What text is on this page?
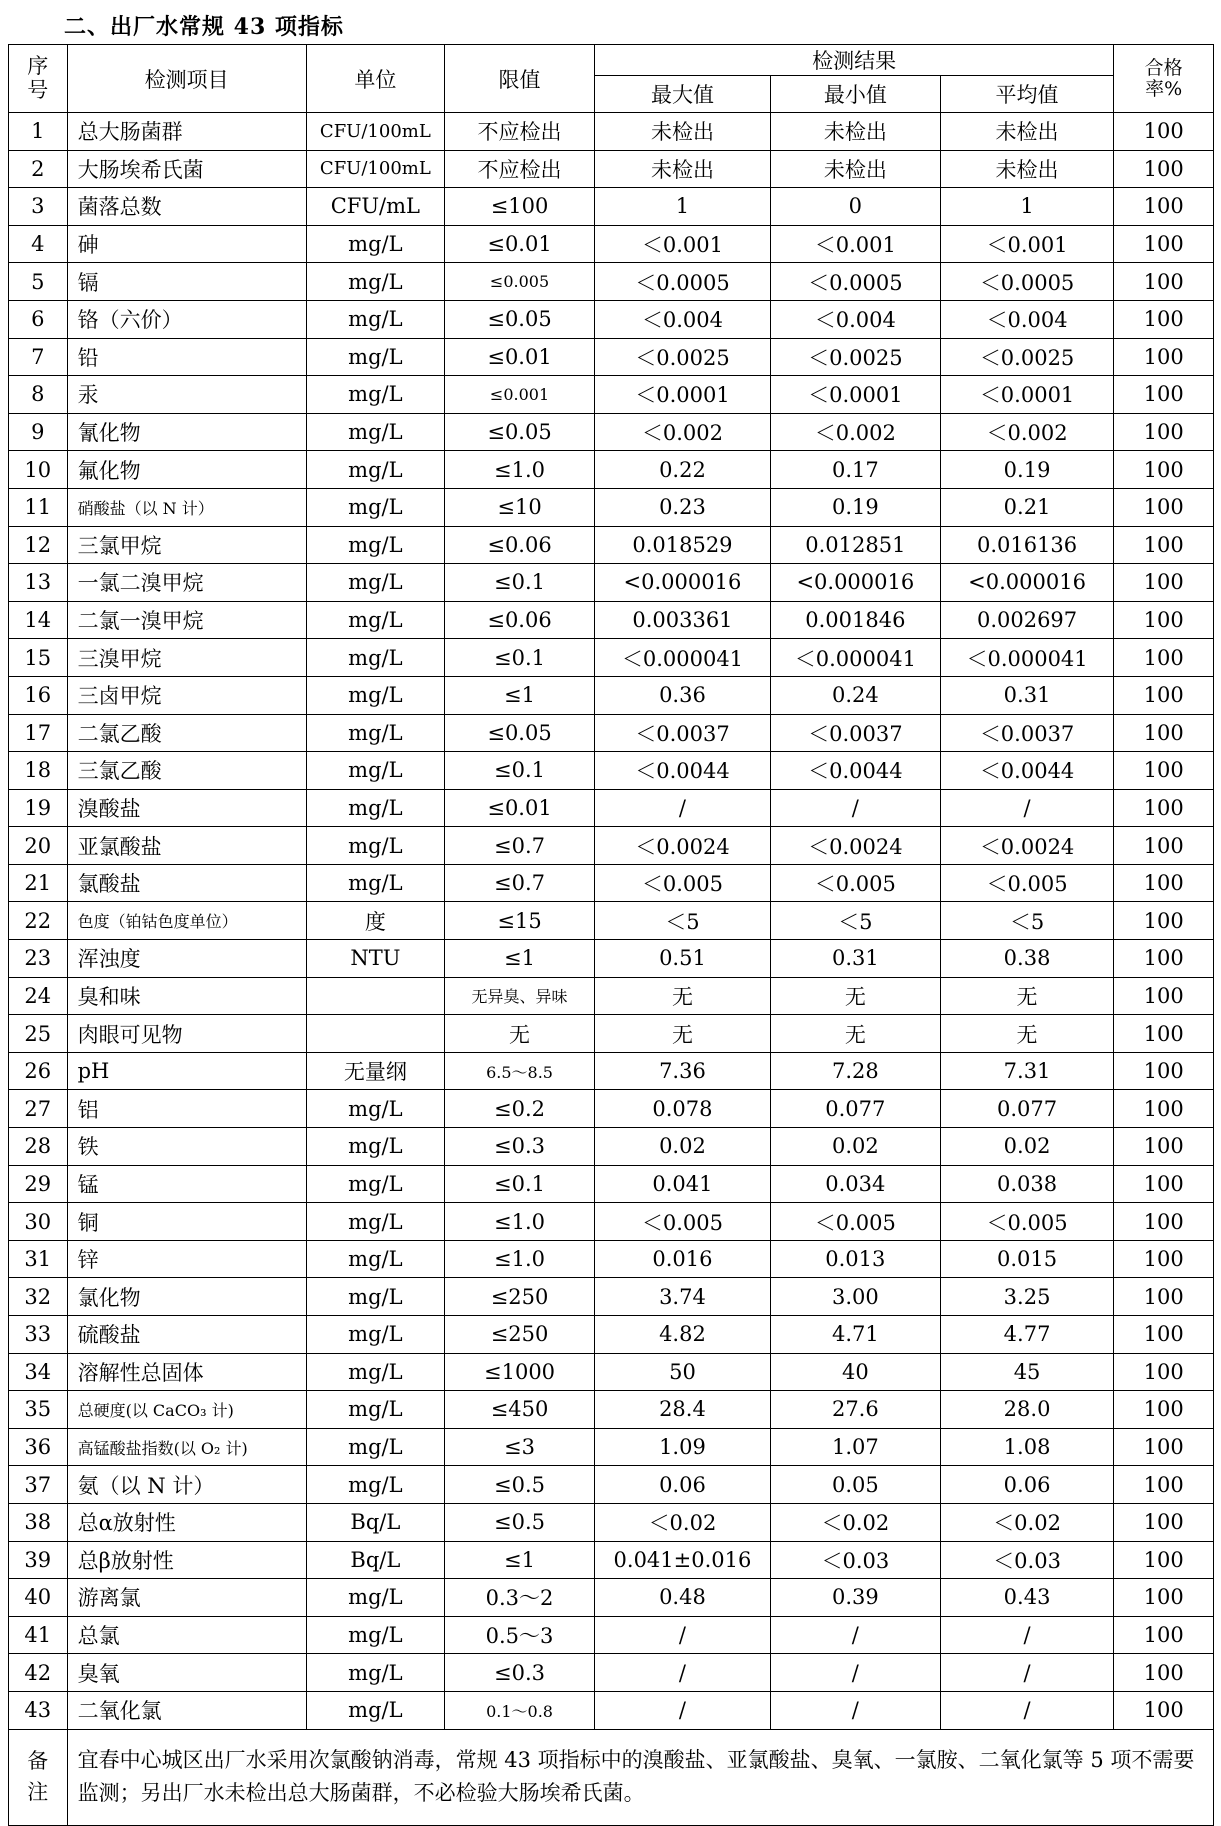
二、出厂水常规 43 项指标
序号	检测项目	单位	限值	检测结果			合格率%
				最大值	最小值	平均值	
1	总大肠菌群	CFU/100mL	不应检出	未检出	未检出	未检出	100
2	大肠埃希氏菌	CFU/100mL	不应检出	未检出	未检出	未检出	100
3	菌落总数	CFU/mL	≤100	1	0	1	100
4	砷	mg/L	≤0.01	＜0.001	＜0.001	＜0.001	100
5	镉	mg/L	≤0.005	＜0.0005	＜0.0005	＜0.0005	100
6	铬（六价）	mg/L	≤0.05	＜0.004	＜0.004	＜0.004	100
7	铅	mg/L	≤0.01	＜0.0025	＜0.0025	＜0.0025	100
8	汞	mg/L	≤0.001	＜0.0001	＜0.0001	＜0.0001	100
9	氰化物	mg/L	≤0.05	＜0.002	＜0.002	＜0.002	100
10	氟化物	mg/L	≤1.0	0.22	0.17	0.19	100
11	硝酸盐（以 N 计）	mg/L	≤10	0.23	0.19	0.21	100
12	三氯甲烷	mg/L	≤0.06	0.018529	0.012851	0.016136	100
13	一氯二溴甲烷	mg/L	≤0.1	<0.000016	<0.000016	<0.000016	100
14	二氯一溴甲烷	mg/L	≤0.06	0.003361	0.001846	0.002697	100
15	三溴甲烷	mg/L	≤0.1	＜0.000041	＜0.000041	＜0.000041	100
16	三卤甲烷	mg/L	≤1	0.36	0.24	0.31	100
17	二氯乙酸	mg/L	≤0.05	＜0.0037	＜0.0037	＜0.0037	100
18	三氯乙酸	mg/L	≤0.1	＜0.0044	＜0.0044	＜0.0044	100
19	溴酸盐	mg/L	≤0.01	/	/	/	100
20	亚氯酸盐	mg/L	≤0.7	＜0.0024	＜0.0024	＜0.0024	100
21	氯酸盐	mg/L	≤0.7	＜0.005	＜0.005	＜0.005	100
22	色度（铂钴色度单位）	度	≤15	＜5	＜5	＜5	100
23	浑浊度	NTU	≤1	0.51	0.31	0.38	100
24	臭和味		无异臭、异味	无	无	无	100
25	肉眼可见物		无	无	无	无	100
26	pH	无量纲	6.5～8.5	7.36	7.28	7.31	100
27	铝	mg/L	≤0.2	0.078	0.077	0.077	100
28	铁	mg/L	≤0.3	0.02	0.02	0.02	100
29	锰	mg/L	≤0.1	0.041	0.034	0.038	100
30	铜	mg/L	≤1.0	＜0.005	＜0.005	＜0.005	100
31	锌	mg/L	≤1.0	0.016	0.013	0.015	100
32	氯化物	mg/L	≤250	3.74	3.00	3.25	100
33	硫酸盐	mg/L	≤250	4.82	4.71	4.77	100
34	溶解性总固体	mg/L	≤1000	50	40	45	100
35	总硬度(以 CaCO₃ 计)	mg/L	≤450	28.4	27.6	28.0	100
36	高锰酸盐指数(以 O₂ 计)	mg/L	≤3	1.09	1.07	1.08	100
37	氨（以 N 计）	mg/L	≤0.5	0.06	0.05	0.06	100
38	总α放射性	Bq/L	≤0.5	＜0.02	＜0.02	＜0.02	100
39	总β放射性	Bq/L	≤1	0.041±0.016	＜0.03	＜0.03	100
40	游离氯	mg/L	0.3～2	0.48	0.39	0.43	100
41	总氯	mg/L	0.5～3	/	/	/	100
42	臭氧	mg/L	≤0.3	/	/	/	100
43	二氧化氯	mg/L	0.1～0.8	/	/	/	100
备注	宜春中心城区出厂水采用次氯酸钠消毒，常规 43 项指标中的溴酸盐、亚氯酸盐、臭氧、一氯胺、二氧化氯等 5 项不需要监测；另出厂水未检出总大肠菌群，不必检验大肠埃希氏菌。						
